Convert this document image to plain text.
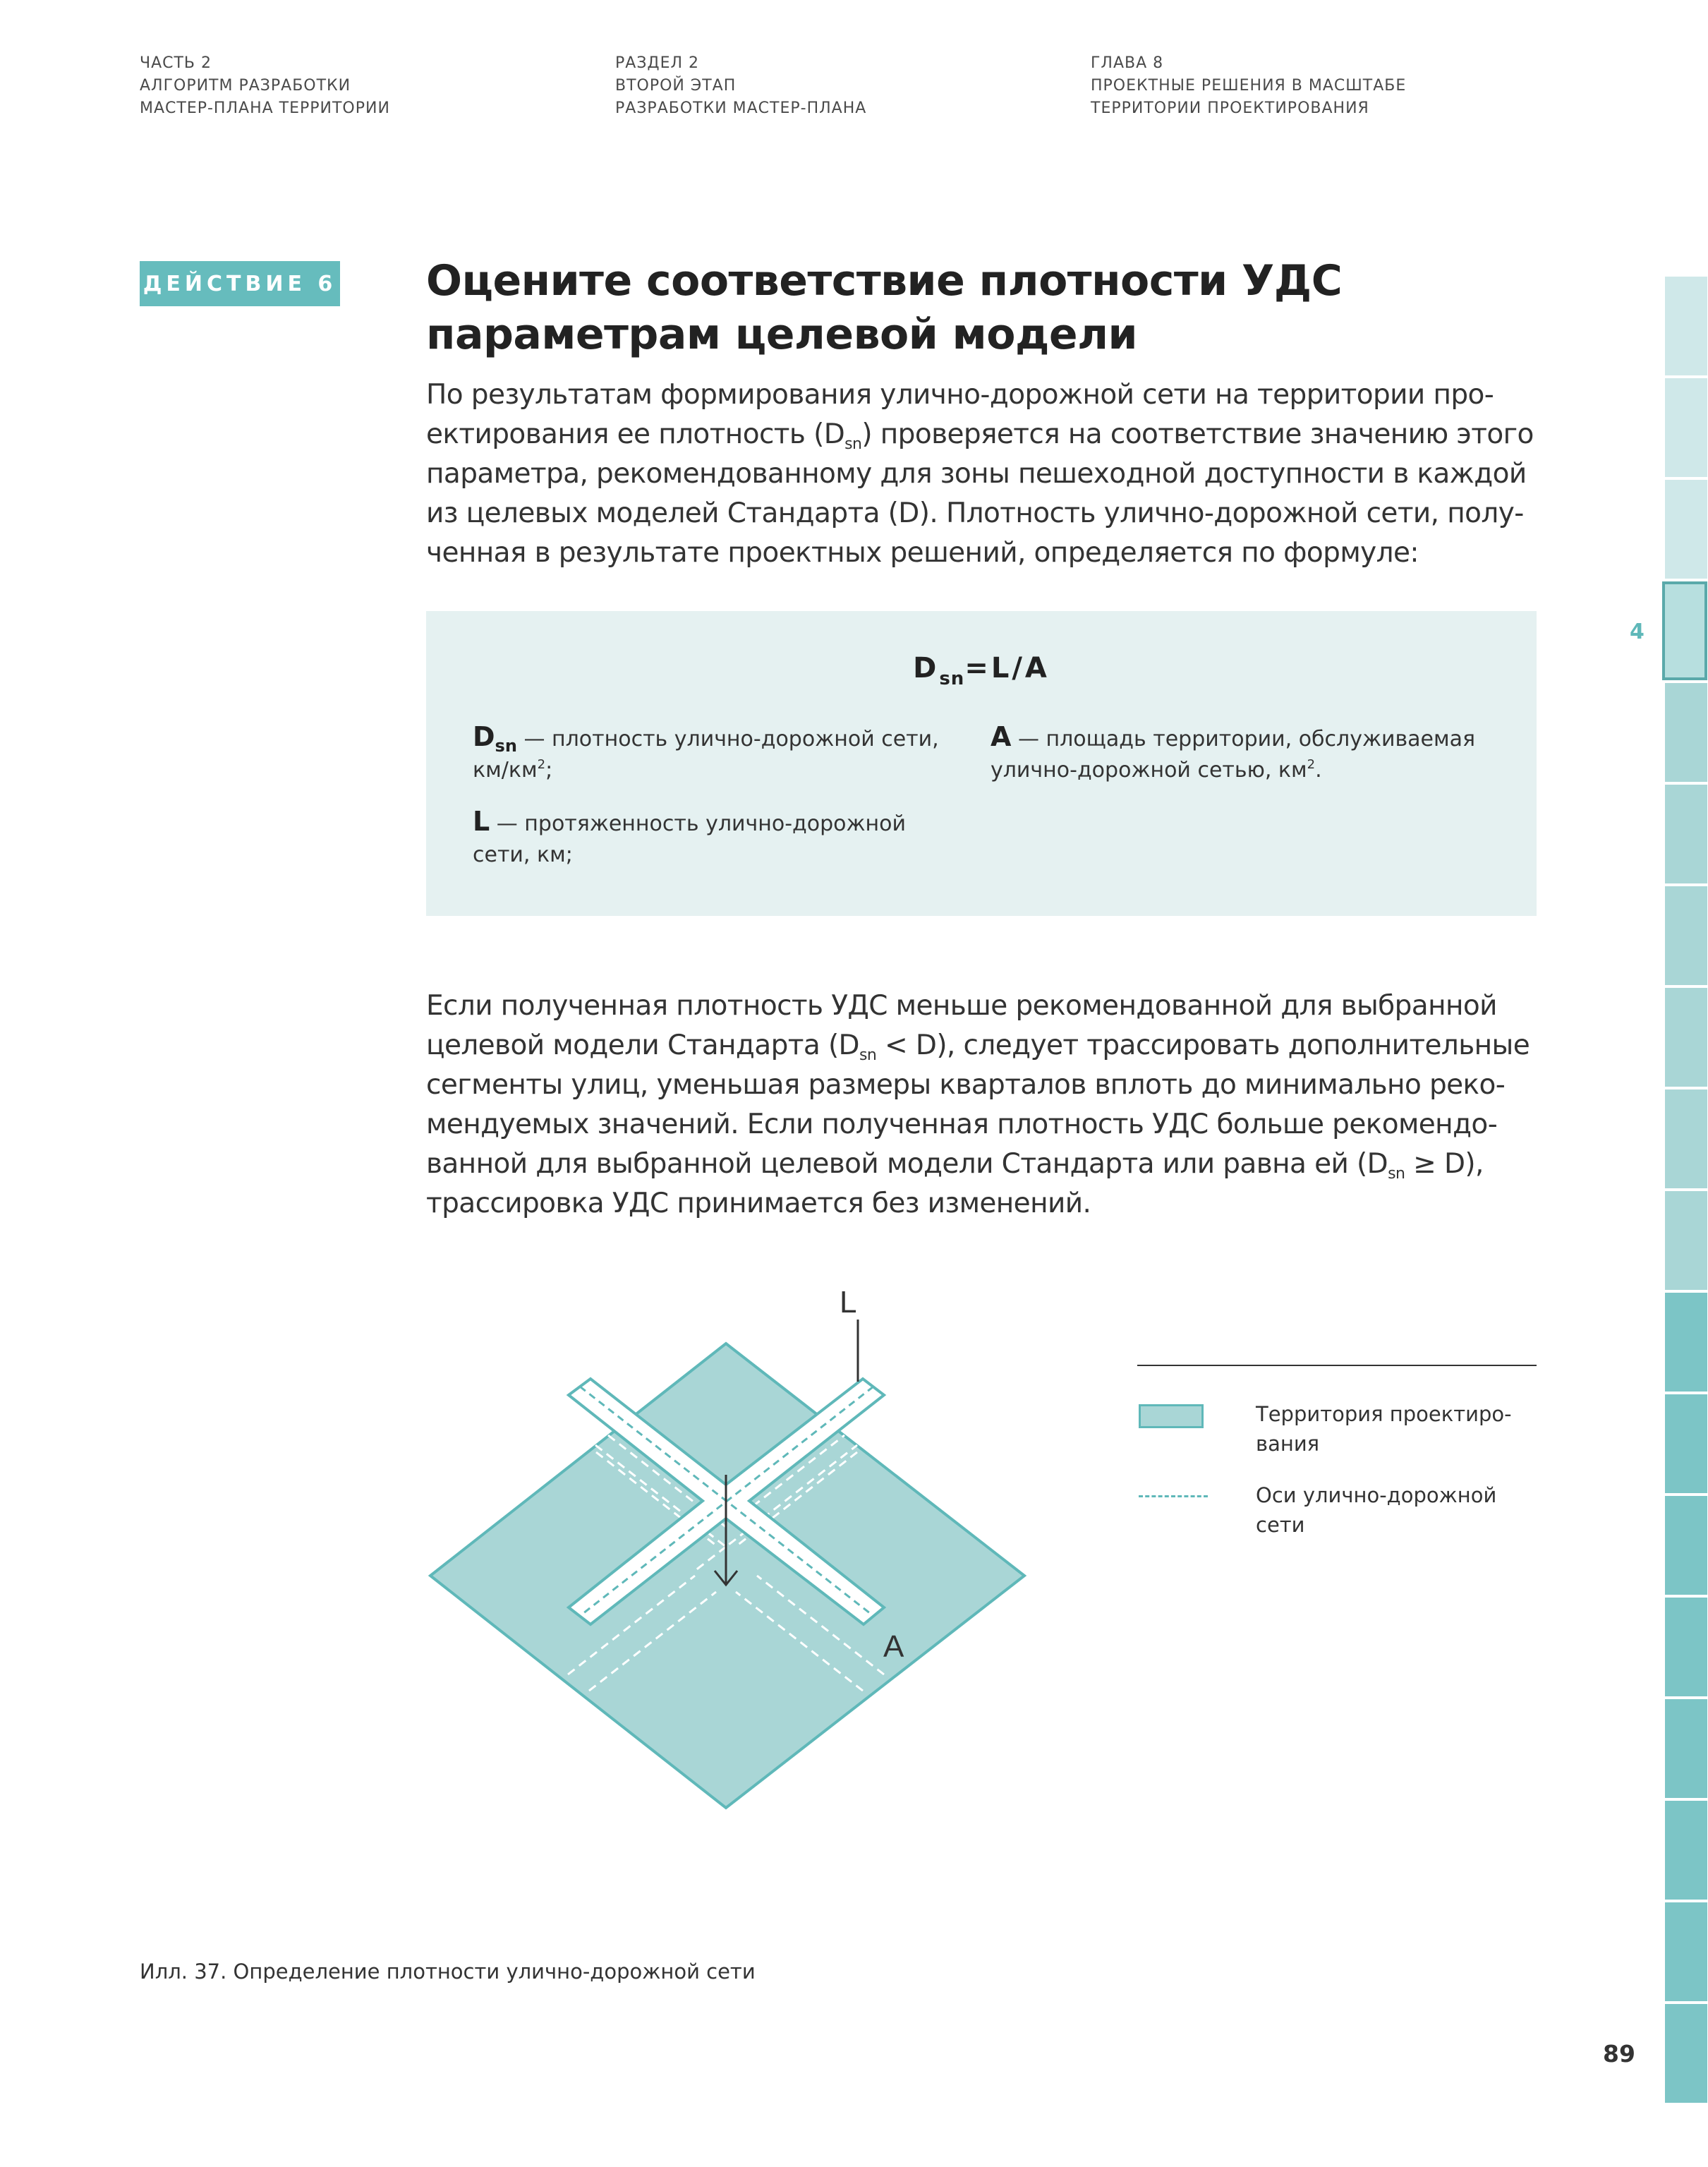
ЧАСТЬ 2
АЛГОРИТМ РАЗРАБОТКИ
МАСТЕР-ПЛАНА ТЕРРИТОРИИ
РАЗДЕЛ 2
ВТОРОЙ ЭТАП
РАЗРАБОТКИ МАСТЕР-ПЛАНА
ГЛАВА 8
ПРОЕКТНЫЕ РЕШЕНИЯ В МАСШТАБЕ
ТЕРРИТОРИИ ПРОЕКТИРОВАНИЯ
ДЕЙСТВИЕ 6 Оцените соответствие плотности УДС параметрам целевой модели
По результатам формирования улично-дорожной сети на территории про-
ектирования ее плотность $(D_{sn})$ проверяется на соответствие значению этого
параметра, рекомендованному для зоны пешеходной доступности в каждой
из целевых моделей Стандарта (D). Плотность улично-дорожной сети, полу-
ченная в результате проектных решений, определяется по формуле:
$D_{sn}=L/A$
$D_{sn}$ — плотность улично-дорожной сети,
$км/км^2$;
L — протяженность улично-дорожной
сети, км;
A — площадь территории, обслуживаемая
улично-дорожной сетью, $км^2$.
Если полученная плотность УДС меньше рекомендованной для выбранной
целевой модели Стандарта $(D_{sn} < D)$, следует трассировать дополнительные
сегменты улиц, уменьшая размеры кварталов вплоть до минимально реко-
мендуемых значений. Если полученная плотность УДС больше рекомендо-
ванной для выбранной целевой модели Стандарта или равна ей $(D_{sn} \ge D)$,
трассировка УДС принимается без изменений.
L
A
Территория проектиро-
вания
Оси улично-дорожной
сети
Илл. 37. Определение плотности улично-дорожной сети
89
4
